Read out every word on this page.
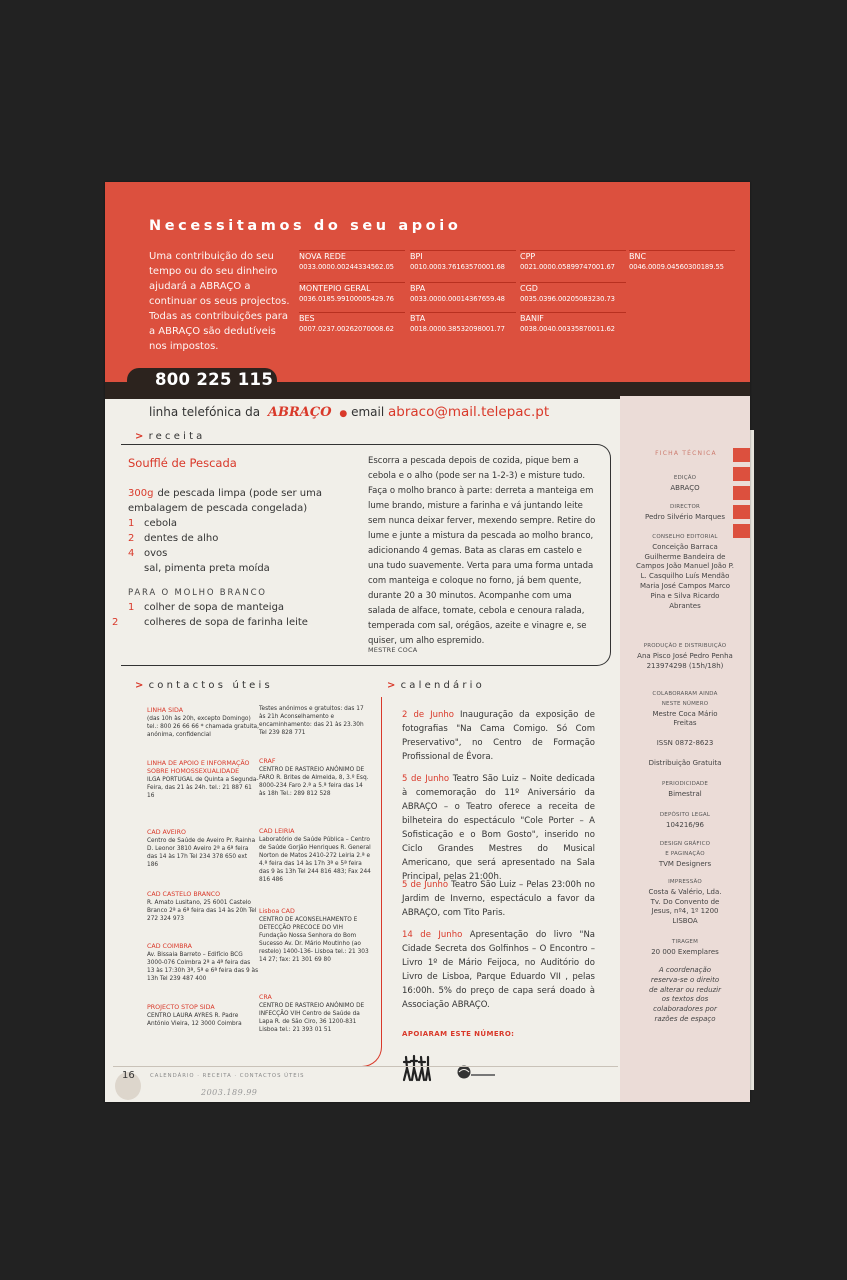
Necessitamos do seu apoio
Uma contribuição do seu tempo ou do seu dinheiro ajudará a ABRAÇO a continuar os seus projectos. Todas as contribuições para a ABRAÇO são dedutíveis nos impostos.
NOVA REDE
0033.0000.00244334562.05
BPI
0010.0003.76163570001.68
CPP
0021.0000.05899747001.67
BNC
0046.0009.04560300189.55
MONTEPIO GERAL
0036.0185.99100005429.76
BPA
0033.0000.00014367659.48
CGD
0035.0396.00205083230.73
BES
0007.0237.00262070008.62
BTA
0018.0000.38532098001.77
BANIF
0038.0040.00335870011.62
800 225 115
linha telefónica da ABRAÇO ● email abraco@mail.telepac.pt
FICHA TÉCNICA
EDIÇÃO
ABRAÇO
DIRECTOR
Pedro Silvério Marques
CONSELHO EDITORIAL
Conceição Barraca Guilherme Bandeira de Campos João Manuel João P. L. Casquilho Luís Mendão Maria José Campos Marco Pina e Silva Ricardo Abrantes
PRODUÇÃO E DISTRIBUIÇÃO
Ana Pisco José Pedro Penha 213974298 (15h/18h)
COLABORARAM AINDA NESTE NÚMERO
Mestre Coca Mário Freitas
ISSN 0872-8623
Distribuição Gratuita
PERIODICIDADE
Bimestral
DEPÓSITO LEGAL
104216/96
DESIGN GRÁFICO E PAGINAÇÃO
TVM Designers
IMPRESSÃO
Costa & Valério, Lda. Tv. Do Convento de Jesus, nº4, 1º 1200 LISBOA
TIRAGEM
20 000 Exemplares
A coordenação reserva-se o direito de alterar ou reduzir os textos dos colaboradores por razões de espaço
> receita
Soufflé de Pescada
300g de pescada limpa (pode ser uma embalagem de pescada congelada)
1 cebola
2 dentes de alho
4 ovos
sal, pimenta preta moída
PARA O MOLHO BRANCO
1 colher de sopa de manteiga
2	colheres de sopa de farinha leite
Escorra a pescada depois de cozida, pique bem a cebola e o alho (pode ser na 1-2-3) e misture tudo. Faça o molho branco à parte: derreta a manteiga em lume brando, misture a farinha e vá juntando leite sem nunca deixar ferver, mexendo sempre. Retire do lume e junte a mistura da pescada ao molho branco, adicionando 4 gemas. Bata as claras em castelo e una tudo suavemente. Verta para uma forma untada com manteiga e coloque no forno, já bem quente, durante 20 a 30 minutos. Acompanhe com uma salada de alface, tomate, cebola e cenoura ralada, temperada com sal, orégãos, azeite e vinagre e, se quiser, um alho espremido.
MESTRE COCA
> contactos úteis
LINHA SIDA
(das 10h às 20h, excepto Domingo) tel.: 800 26 66 66 * chamada gratuita, anónima, confidencial
LINHA DE APOIO E INFORMAÇÃO SOBRE HOMOSSEXUALIDADE
ILGA PORTUGAL de Quinta a Segunda-Feira, das 21 às 24h. tel.: 21 887 61 16
CAD AVEIRO
Centro de Saúde de Aveiro Pr. Rainha D. Leonor 3810 Aveiro 2ª a 6ª feira das 14 às 17h Tel 234 378 650 ext 186
CAD CASTELO BRANCO
R. Amato Lusitano, 25 6001 Castelo Branco 2ª a 6ª feira das 14 às 20h Tel 272 324 973
CAD COIMBRA
Av. Bissaia Barreto – Edifício BCG 3000-076 Coimbra 2ª a 4ª feira das 13 às 17:30h 3ª, 5ª e 6ª feira das 9 às 13h Tel 239 487 400
PROJECTO STOP SIDA
CENTRO LAURA AYRES R. Padre António Vieira, 12 3000 Coimbra
Testes anónimos e gratuitos: das 17 às 21h Aconselhamento e encaminhamento: das 21 às 23.30h Tel 239 828 771
CRAF
CENTRO DE RASTREIO ANÓNIMO DE FARO R. Brites de Almeida, 8, 3.º Esq. 8000-234 Faro 2.ª a 5.ª feira das 14 às 18h Tel.: 289 812 528
CAD LEIRIA
Laboratório de Saúde Pública – Centro de Saúde Gorjão Henriques R. General Norton de Matos 2410-272 Leiria 2.ª e 4.ª feira das 14 às 17h 3ª e 5ª feira das 9 às 13h Tel 244 816 483; Fax 244 816 486
Lisboa CAD
CENTRO DE ACONSELHAMENTO E DETECÇÃO PRECOCE DO VIH Fundação Nossa Senhora do Bom Sucesso Av. Dr. Mário Moutinho (ao restelo) 1400-136- Lisboa tel.: 21 303 14 27; fax: 21 301 69 80
CRA
CENTRO DE RASTREIO ANÓNIMO DE INFECÇÃO VIH Centro de Saúde da Lapa R. de São Ciro, 36 1200-831 Lisboa tel.: 21 393 01 51
> calendário
2 de Junho Inauguração da exposição de fotografias "Na Cama Comigo. Só Com Preservativo", no Centro de Formação Profissional de Évora.
5 de Junho Teatro São Luiz – Noite dedicada à comemoração do 11º Aniversário da ABRAÇO – o Teatro oferece a receita de bilheteira do espectáculo "Cole Porter – A Sofisticação e o Bom Gosto", inserido no Ciclo Grandes Mestres do Musical Americano, que será apresentado na Sala Principal, pelas 21:00h.
5 de Junho Teatro São Luiz – Pelas 23:00h no Jardim de Inverno, espectáculo a favor da ABRAÇO, com Tito Paris.
14 de Junho Apresentação do livro "Na Cidade Secreta dos Golfinhos – O Encontro – Livro 1º de Mário Feijoca, no Auditório do Livro de Lisboa, Parque Eduardo VII , pelas 16:00h. 5% do preço de capa será doado à Associação ABRAÇO.
APOIARAM ESTE NÚMERO:
16	CALENDÁRIO · RECEITA · CONTACTOS ÚTEIS
2003.189.99
